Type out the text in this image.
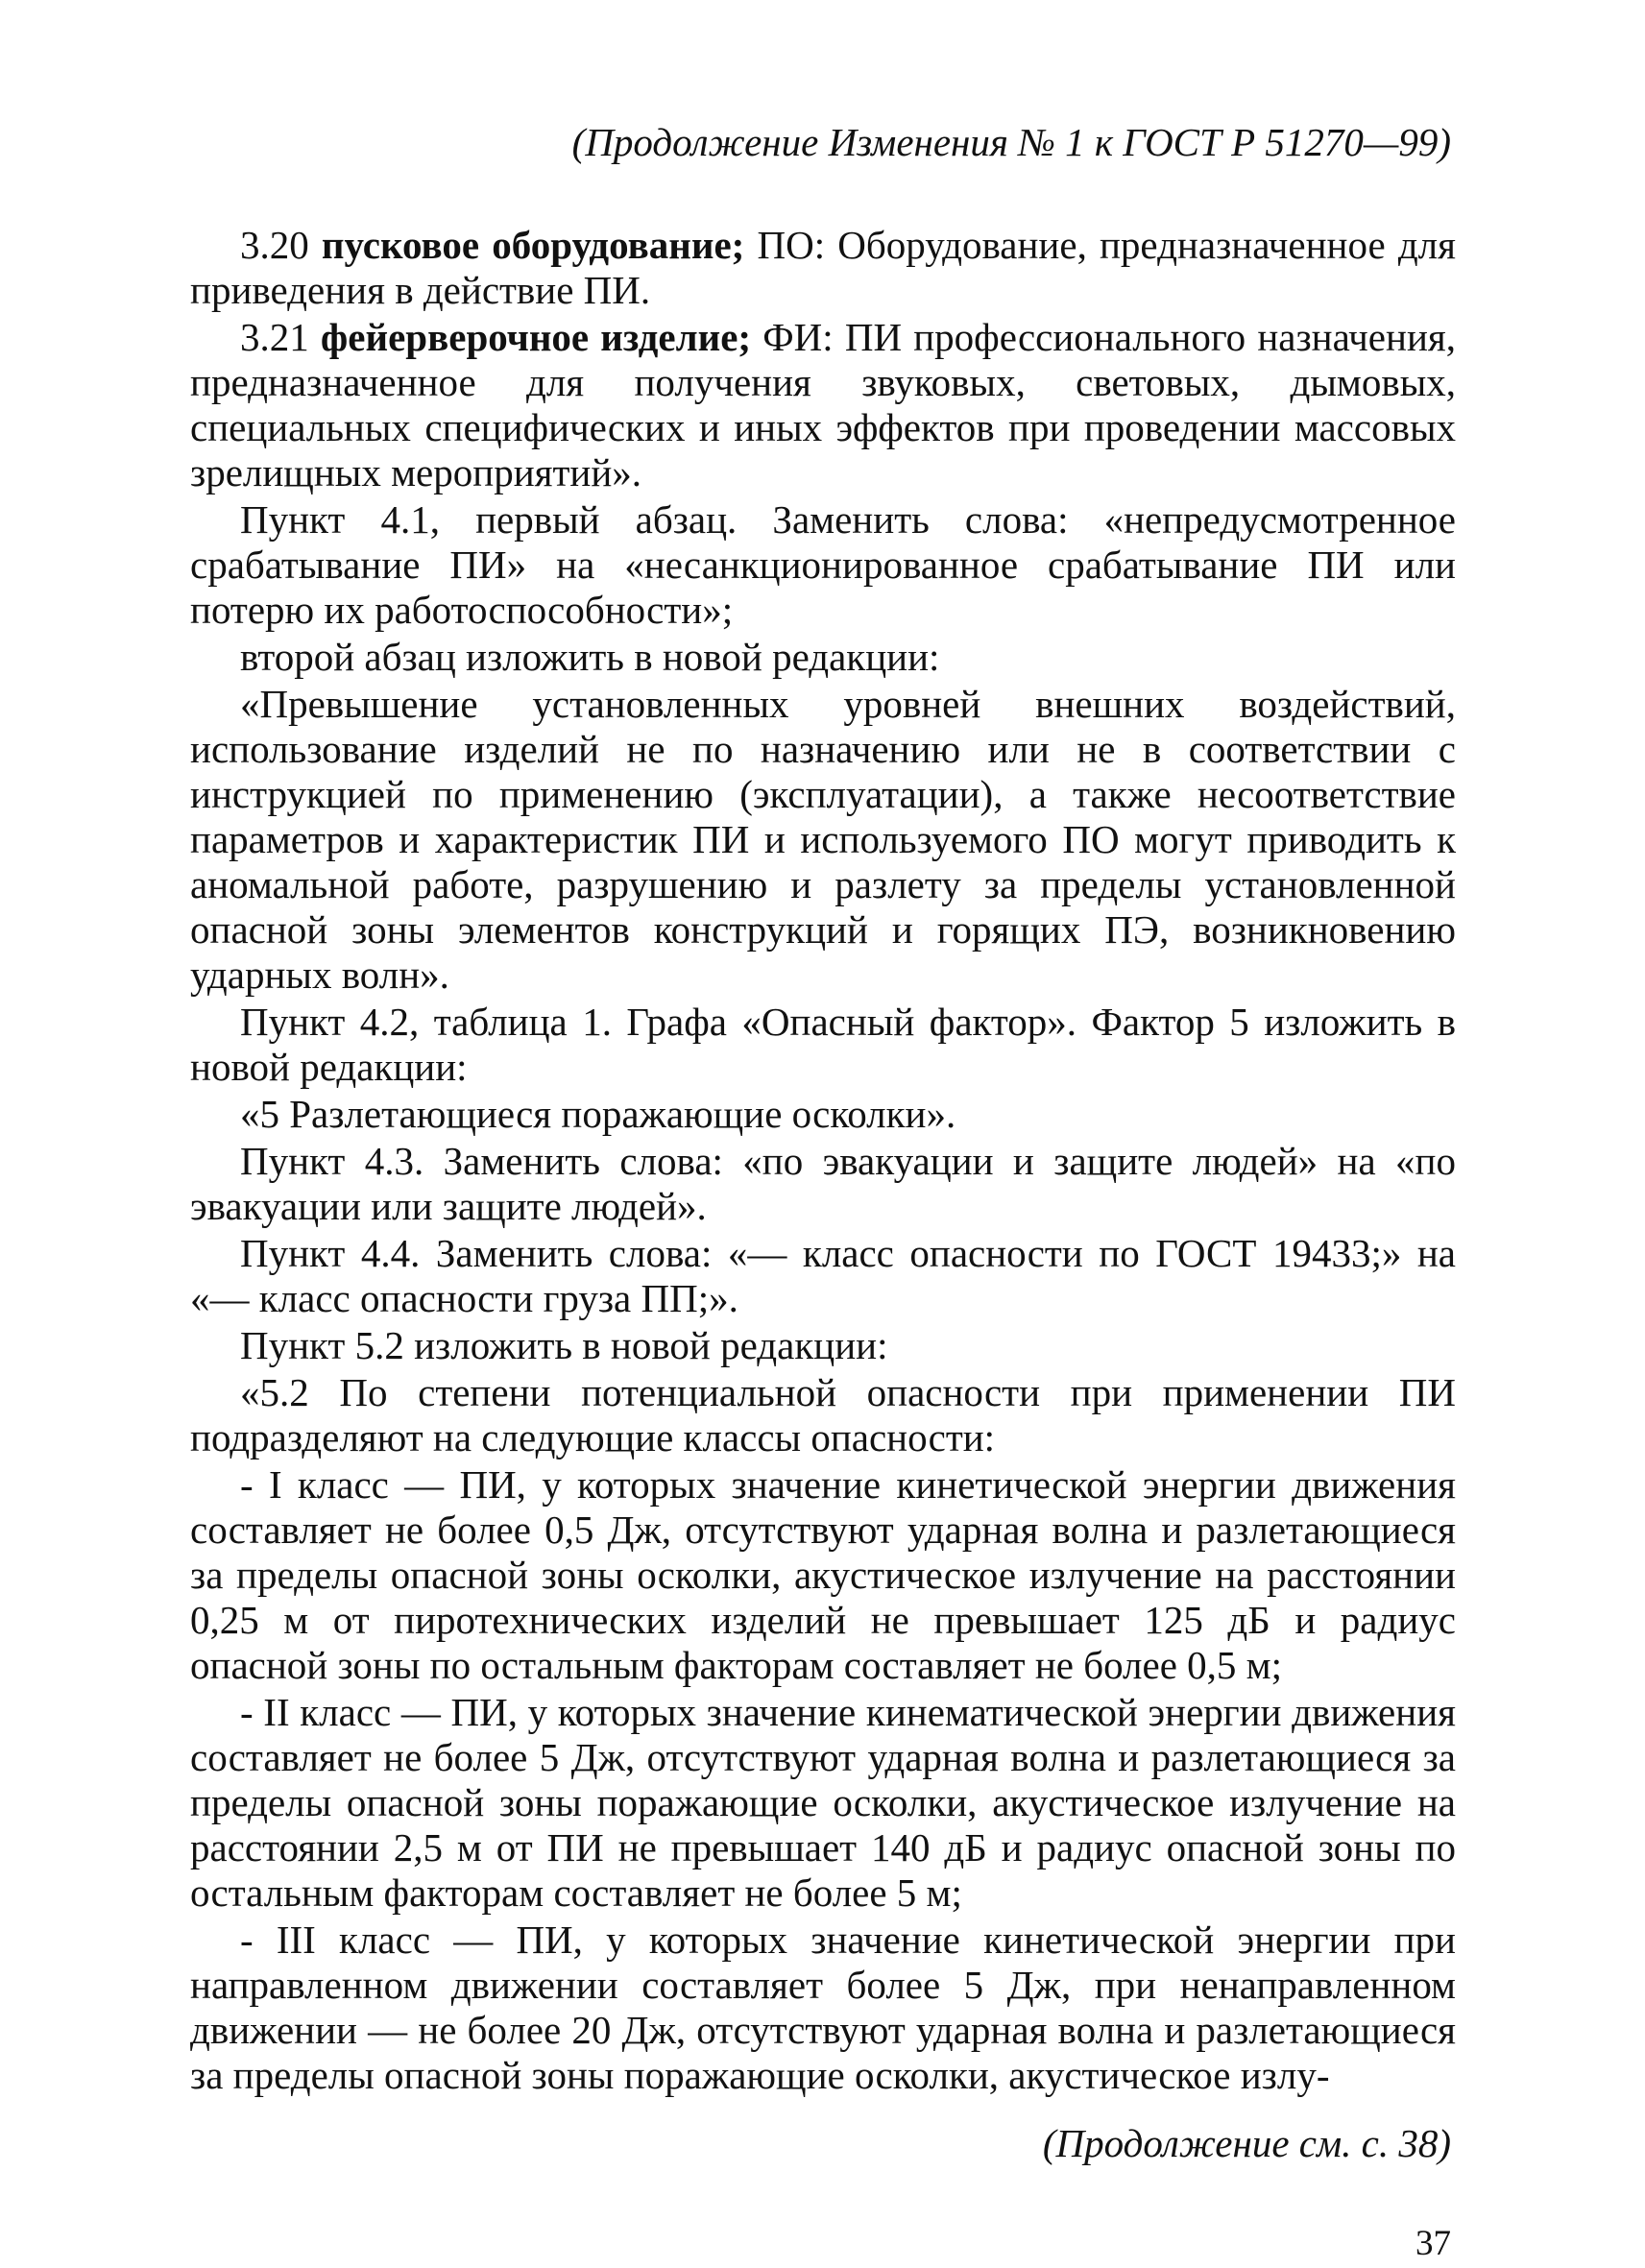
(Продолжение Изменения № 1 к ГОСТ Р 51270—99)

3.20 пусковое оборудование; ПО: Оборудование, предназначенное для приведения в действие ПИ.

3.21 фейерверочное изделие; ФИ: ПИ профессионального назначения, предназначенное для получения звуковых, световых, дымовых, специальных специфических и иных эффектов при проведении массовых зрелищных мероприятий».

Пункт 4.1, первый абзац. Заменить слова: «непредусмотренное срабатывание ПИ» на «несанкционированное срабатывание ПИ или потерю их работоспособности»;

второй абзац изложить в новой редакции:

«Превышение установленных уровней внешних воздействий, использование изделий не по назначению или не в соответствии с инструкцией по применению (эксплуатации), а также несоответствие параметров и характеристик ПИ и используемого ПО могут приводить к аномальной работе, разрушению и разлету за пределы установленной опасной зоны элементов конструкций и горящих ПЭ, возникновению ударных волн».

Пункт 4.2, таблица 1. Графа «Опасный фактор». Фактор 5 изложить в новой редакции:

«5 Разлетающиеся поражающие осколки».

Пункт 4.3. Заменить слова: «по эвакуации и защите людей» на «по эвакуации или защите людей».

Пункт 4.4. Заменить слова: «— класс опасности по ГОСТ 19433;» на «— класс опасности груза ПП;».

Пункт 5.2 изложить в новой редакции:

«5.2 По степени потенциальной опасности при применении ПИ подразделяют на следующие классы опасности:

- I класс — ПИ, у которых значение кинетической энергии движения составляет не более 0,5 Дж, отсутствуют ударная волна и разлетающиеся за пределы опасной зоны осколки, акустическое излучение на расстоянии 0,25 м от пиротехнических изделий не превышает 125 дБ и радиус опасной зоны по остальным факторам составляет не более 0,5 м;

- II класс — ПИ, у которых значение кинематической энергии движения составляет не более 5 Дж, отсутствуют ударная волна и разлетающиеся за пределы опасной зоны поражающие осколки, акустическое излучение на расстоянии 2,5 м от ПИ не превышает 140 дБ и радиус опасной зоны по остальным факторам составляет не более 5 м;

- III класс — ПИ, у которых значение кинетической энергии при направленном движении составляет более 5 Дж, при ненаправленном движении — не более 20 Дж, отсутствуют ударная волна и разлетающиеся за пределы опасной зоны поражающие осколки, акустическое излу-

(Продолжение см. с. 38)
37
